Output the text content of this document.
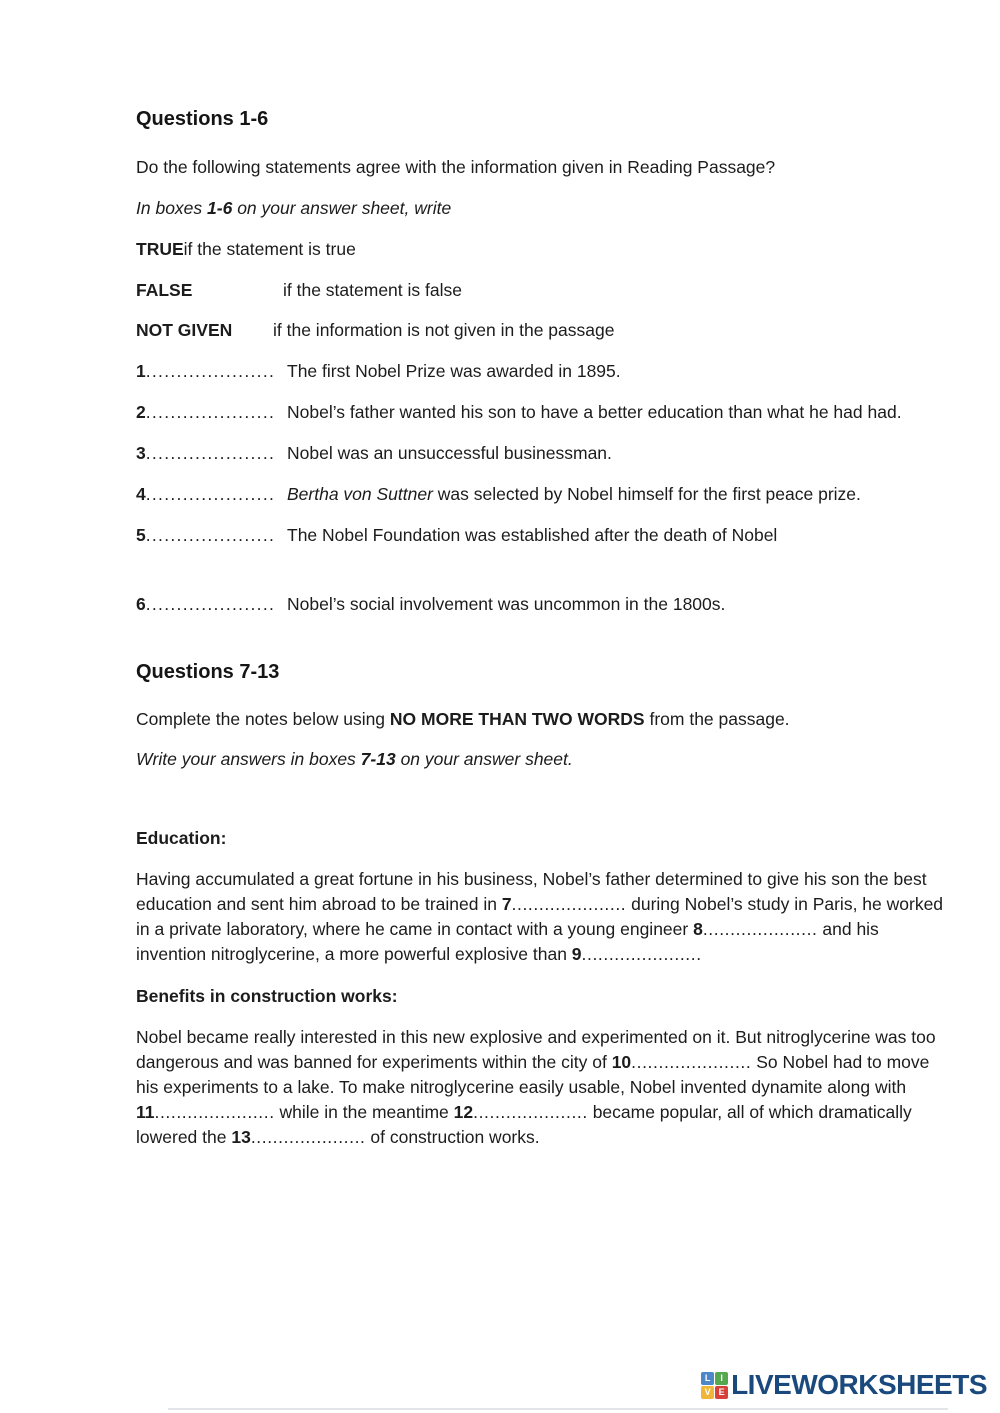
Questions 1-6

Do the following statements agree with the information given in Reading Passage?

In boxes 1-6 on your answer sheet, write

TRUEif the statement is true

FALSE	if the statement is false

NOT GIVEN if the information is not given in the passage

1..................... The first Nobel Prize was awarded in 1895.

2..................... Nobel’s father wanted his son to have a better education than what he had had.

3..................... Nobel was an unsuccessful businessman.

4..................... Bertha von Suttner was selected by Nobel himself for the first peace prize.

5..................... The Nobel Foundation was established after the death of Nobel

6..................... Nobel’s social involvement was uncommon in the 1800s.

Questions 7-13

Complete the notes below using NO MORE THAN TWO WORDS from the passage.

Write your answers in boxes 7-13 on your answer sheet.

Education:

Having accumulated a great fortune in his business, Nobel’s father determined to give his son the best education and sent him abroad to be trained in 7..................... during Nobel’s study in Paris, he worked in a private laboratory, where he came in contact with a young engineer 8..................... and his invention nitroglycerine, a more powerful explosive than 9......................

Benefits in construction works:

Nobel became really interested in this new explosive and experimented on it. But nitroglycerine was too dangerous and was banned for experiments within the city of 10...................... So Nobel had to move his experiments to a lake. To make nitroglycerine easily usable, Nobel invented dynamite along with 11...................... while in the meantime 12..................... became popular, all of which dramatically lowered the 13..................... of construction works.

L	I
V E LIVEWORKSHEETS
